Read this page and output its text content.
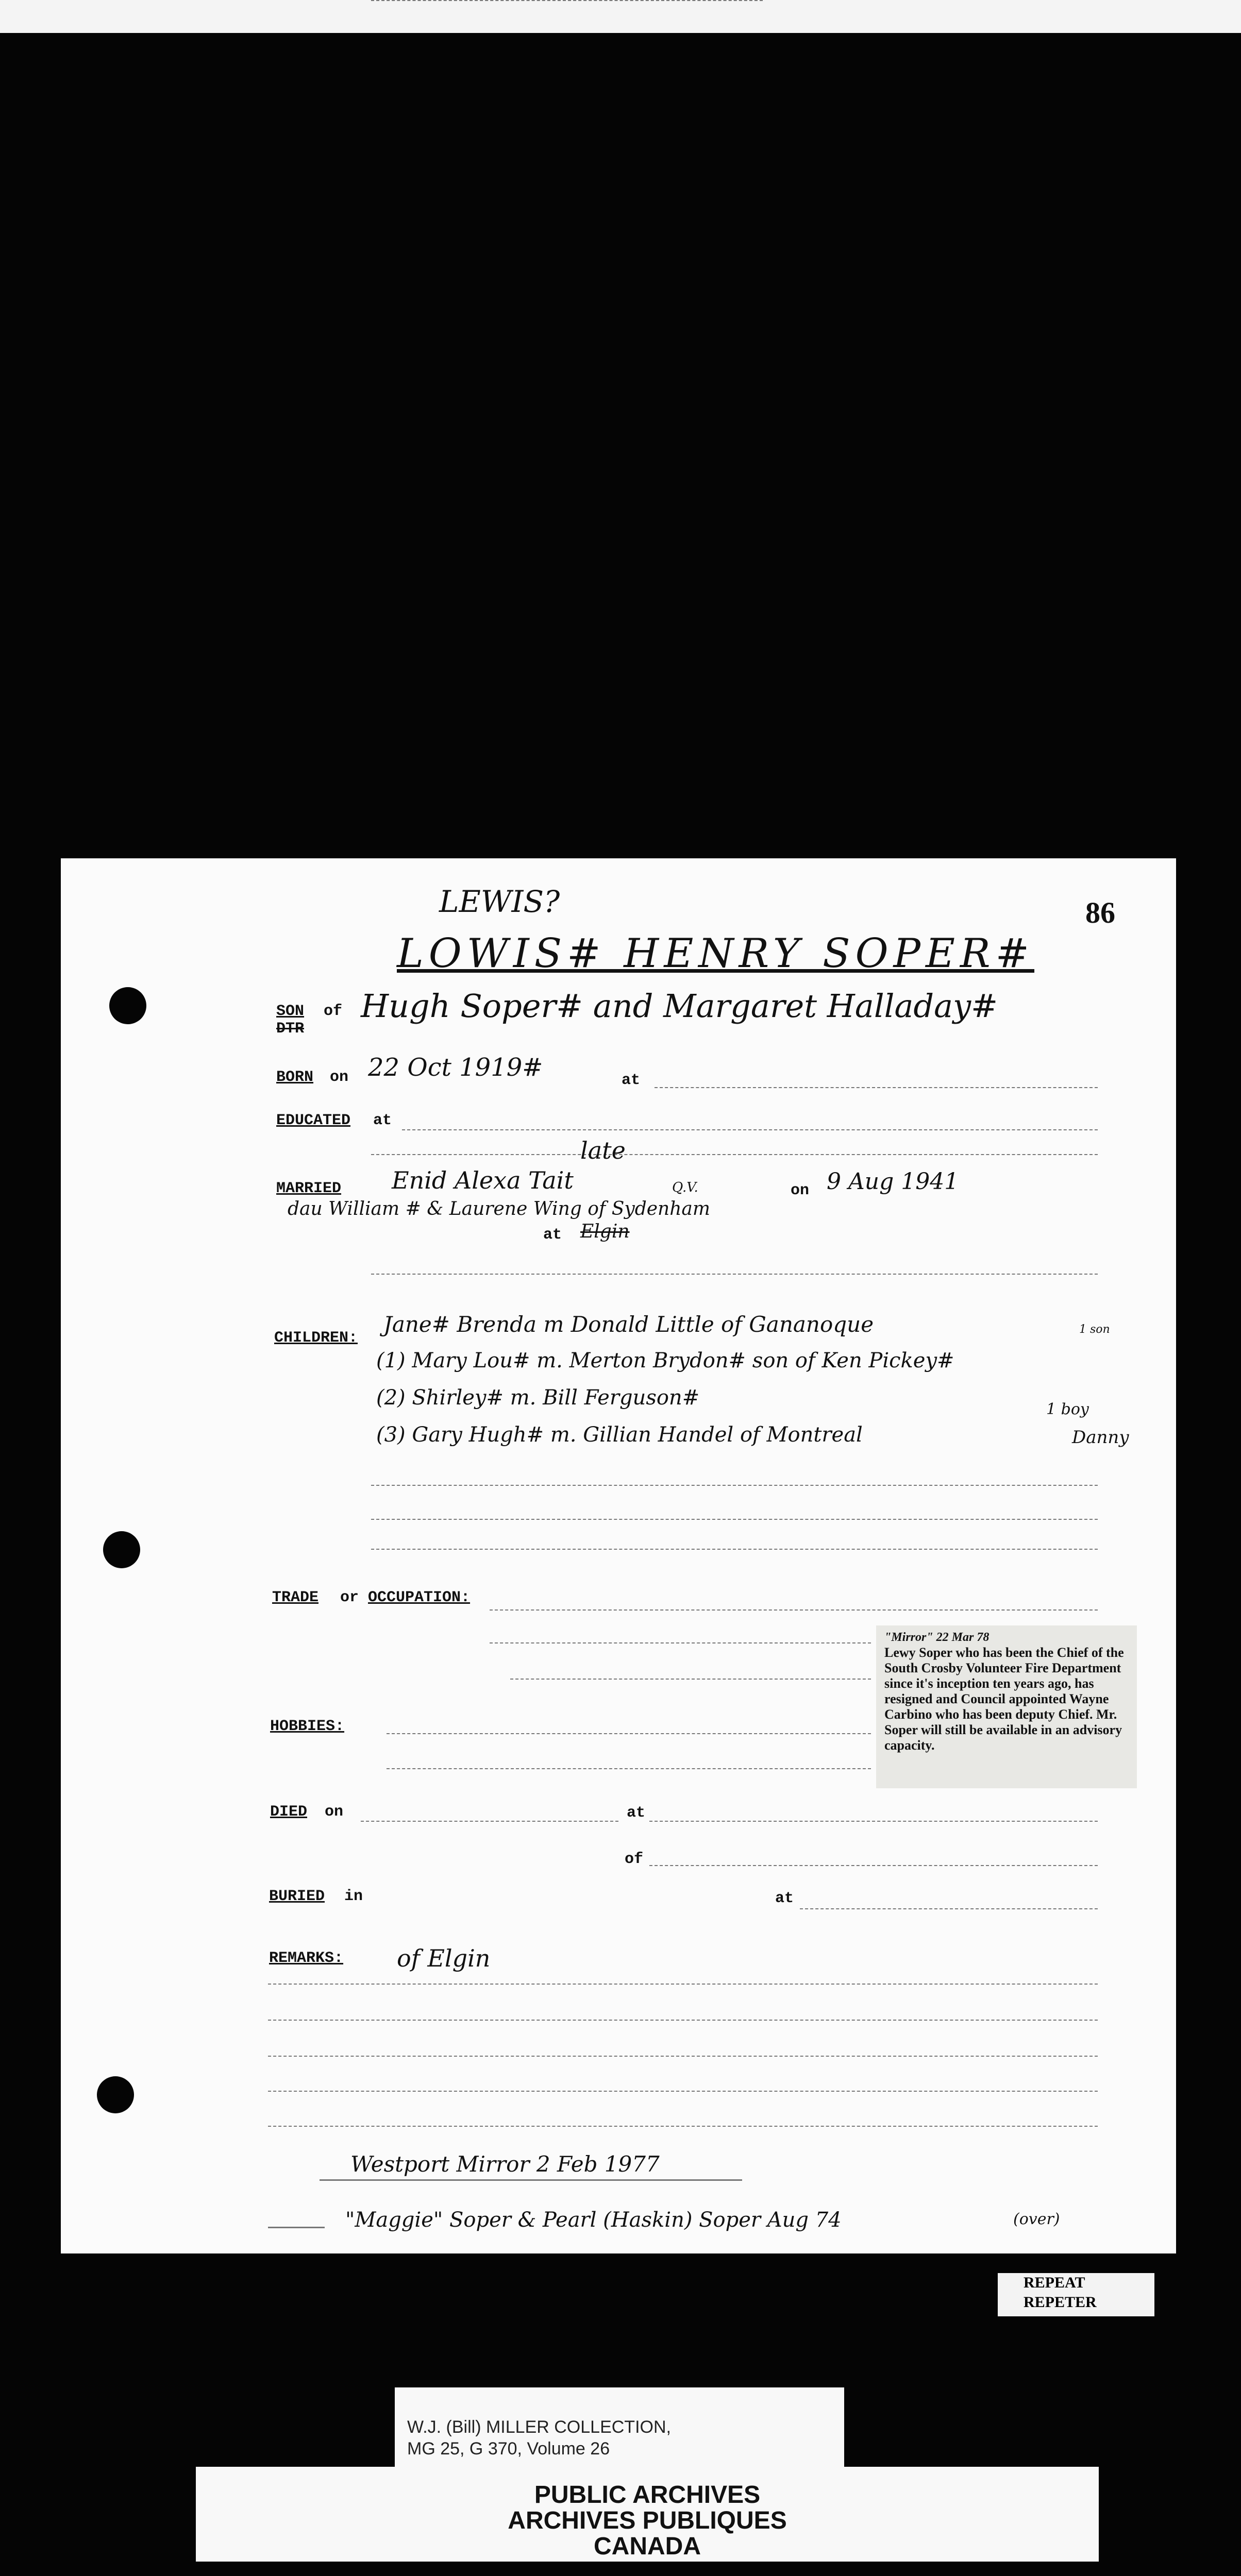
86
LEWIS?
LOWIS# HENRY SOPER#
SON
DTR
of Hugh Soper# and Margaret Halladay#
BORN on 22 Oct 1919#	at
EDUCATED at
late
MARRIED Enid Alexa Tait	Q.V.	on 9 Aug 1941
dau William # & Laurene Wing of Sydenham
at Elgin
CHILDREN:
Jane# Brenda m Donald Little of Gananoque
(1) Mary Lou# m. Merton Brydon# son of Ken Pickey#
(2) Shirley# m. Bill Ferguson#
(3) Gary Hugh# m. Gillian Handel of Montreal
1 son
1 boy
Danny
TRADE or OCCUPATION:
"Mirror" 22 Mar 78
Lewy Soper who has been the Chief of the South Crosby Volunteer Fire Department since it's inception ten years ago, has resigned and Council appointed Wayne Carbino who has been deputy Chief. Mr. Soper will still be available in an advisory capacity.
HOBBIES:
DIED on	at
of
BURIED in	at
REMARKS: of Elgin
Westport Mirror 2 Feb 1977
"Maggie" Soper & Pearl (Haskin) Soper Aug 74	(over)
REPEAT
REPETER
W.J. (Bill) MILLER COLLECTION,
MG 25, G 370, Volume 26
PUBLIC ARCHIVES
ARCHIVES PUBLIQUES
CANADA
